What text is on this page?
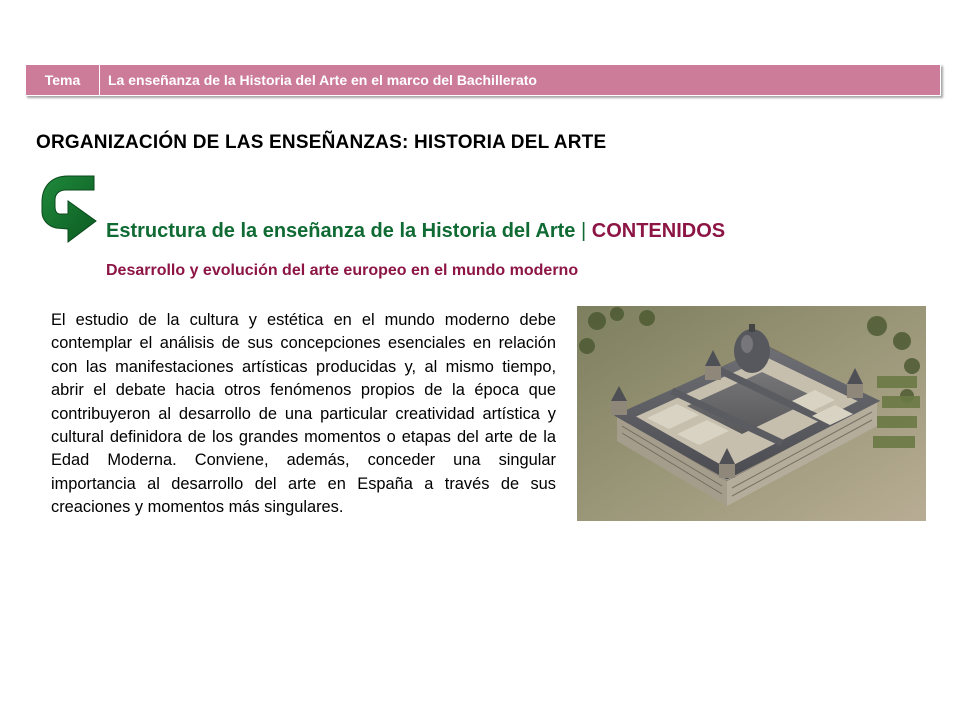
Tema	La enseñanza de la Historia del Arte en el marco del Bachillerato
ORGANIZACIÓN DE LAS ENSEÑANZAS: HISTORIA DEL ARTE
Estructura de la enseñanza de la Historia del Arte | CONTENIDOS
Desarrollo y evolución del arte europeo en el mundo moderno

El estudio de la cultura y estética en el mundo moderno debe contemplar el análisis de sus concepciones esenciales en relación con las manifestaciones artísticas producidas y, al mismo tiempo, abrir el debate hacia otros fenómenos propios de la época que contribuyeron al desarrollo de una particular creatividad artística y cultural definidora de los grandes momentos o etapas del arte de la Edad Moderna. Conviene, además, conceder una singular importancia al desarrollo del arte en España a través de sus creaciones y momentos más singulares.
